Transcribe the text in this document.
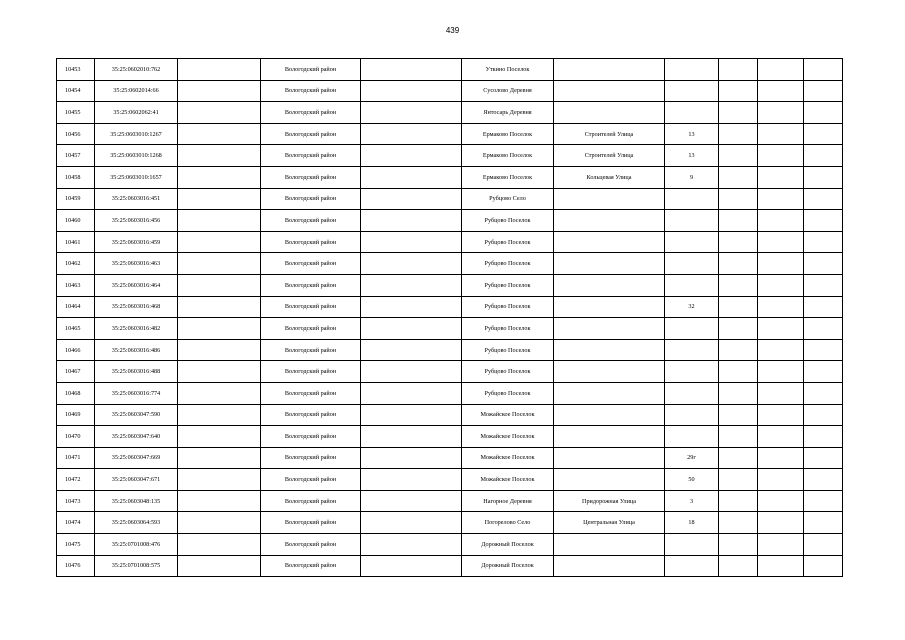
439
10453	35:25:0602010:762		Вологодский район		Уткино Поселок					
10454	35:25:0602014:66		Вологодский район		Сусолово Деревня					
10455	35:25:0602062:41		Вологодский район		Янтосарь Деревня					
10456	35:25:0603010:1267		Вологодский район		Ермаково Поселок	Строителей Улица	13			
10457	35:25:0603010:1268		Вологодский район		Ермаково Поселок	Строителей Улица	13			
10458	35:25:0603010:1657		Вологодский район		Ермаково Поселок	Кольцевая Улица	9			
10459	35:25:0603016:451		Вологодский район		Рубцово Село					
10460	35:25:0603016:456		Вологодский район		Рубцово Поселок					
10461	35:25:0603016:459		Вологодский район		Рубцово Поселок					
10462	35:25:0603016:463		Вологодский район		Рубцово Поселок					
10463	35:25:0603016:464		Вологодский район		Рубцово Поселок					
10464	35:25:0603016:468		Вологодский район		Рубцово Поселок		32			
10465	35:25:0603016:482		Вологодский район		Рубцово Поселок					
10466	35:25:0603016:486		Вологодский район		Рубцово Поселок					
10467	35:25:0603016:488		Вологодский район		Рубцово Поселок					
10468	35:25:0603016:774		Вологодский район		Рубцово Поселок					
10469	35:25:0603047:590		Вологодский район		Можайское Поселок					
10470	35:25:0603047:640		Вологодский район		Можайское Поселок					
10471	35:25:0603047:669		Вологодский район		Можайское Поселок		29г			
10472	35:25:0603047:671		Вологодский район		Можайское Поселок		50			
10473	35:25:0603048:135		Вологодский район		Нагорное Деревня	Придорожная Улица	3			
10474	35:25:0603064:593		Вологодский район		Погорелово Село	Центральная Улица	18			
10475	35:25:0701008:476		Вологодский район		Дорожный Поселок					
10476	35:25:0701008:575		Вологодский район		Дорожный Поселок					
